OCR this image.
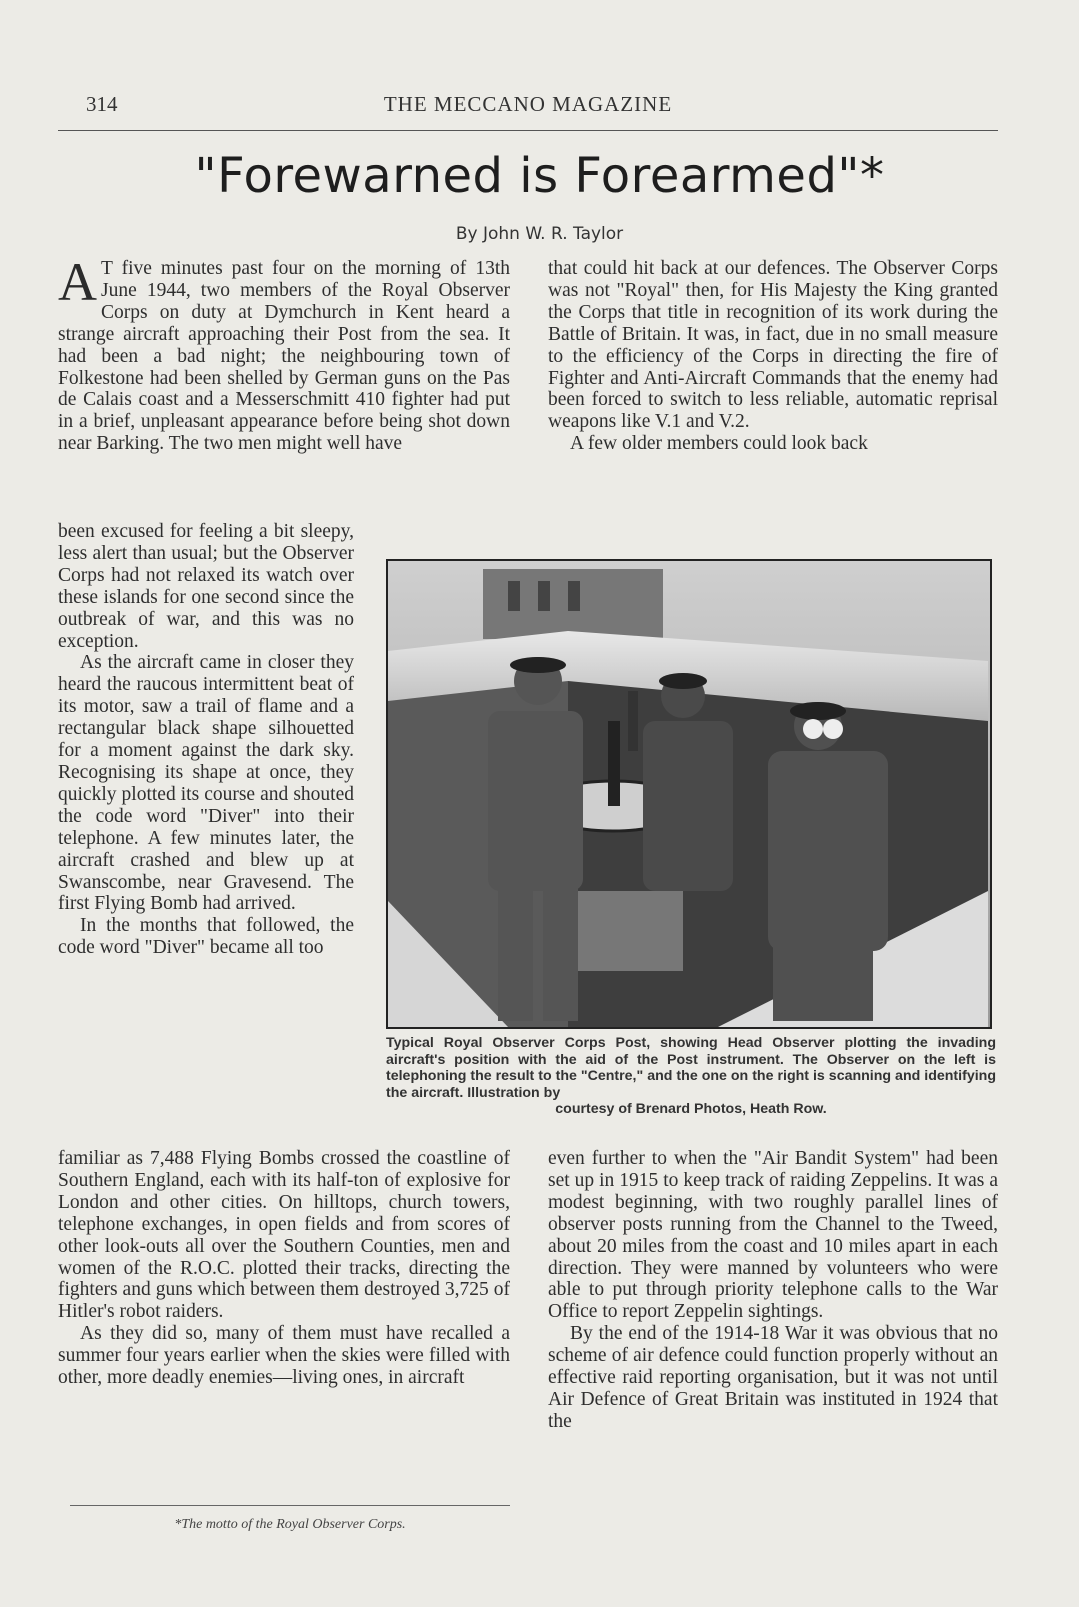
314	THE MECCANO MAGAZINE
"Forewarned is Forearmed"*
By John W. R. Taylor

A T five minutes past four on the morning of 13th June 1944, two members of the Royal Observer Corps on duty at Dymchurch in Kent heard a strange aircraft approaching their Post from the sea. It had been a bad night; the neighbouring town of Folkestone had been shelled by German guns on the Pas de Calais coast and a Messerschmitt 410 fighter had put in a brief, unpleasant appearance before being shot down near Barking. The two men might well have

been excused for feeling a bit sleepy, less alert than usual; but the Observer Corps had not relaxed its watch over these islands for one second since the outbreak of war, and this was no exception.

As the aircraft came in closer they heard the raucous intermittent beat of its motor, saw a trail of flame and a rectangular black shape silhouetted for a moment against the dark sky. Recognising its shape at once, they quickly plotted its course and shouted the code word "Diver" into their telephone. A few minutes later, the aircraft crashed and blew up at Swanscombe, near Gravesend. The first Flying Bomb had arrived.

In the months that followed, the code word "Diver" became all too

familiar as 7,488 Flying Bombs crossed the coastline of Southern England, each with its half-ton of explosive for London and other cities. On hilltops, church towers, telephone exchanges, in open fields and from scores of other look-outs all over the Southern Counties, men and women of the R.O.C. plotted their tracks, directing the fighters and guns which between them destroyed 3,725 of Hitler's robot raiders.

As they did so, many of them must have recalled a summer four years earlier when the skies were filled with other, more deadly enemies—living ones, in aircraft

that could hit back at our defences. The Observer Corps was not "Royal" then, for His Majesty the King granted the Corps that title in recognition of its work during the Battle of Britain. It was, in fact, due in no small measure to the efficiency of the Corps in directing the fire of Fighter and Anti-Aircraft Commands that the enemy had been forced to switch to less reliable, automatic reprisal weapons like V.1 and V.2.

A few older members could look back

Typical Royal Observer Corps Post, showing Head Observer plotting the invading aircraft's position with the aid of the Post instrument. The Observer on the left is telephoning the result to the "Centre," and the one on the right is scanning and identifying the aircraft. Illustration by
courtesy of Brenard Photos, Heath Row.

even further to when the "Air Bandit System" had been set up in 1915 to keep track of raiding Zeppelins. It was a modest beginning, with two roughly parallel lines of observer posts running from the Channel to the Tweed, about 20 miles from the coast and 10 miles apart in each direction. They were manned by volunteers who were able to put through priority telephone calls to the War Office to report Zeppelin sightings.

By the end of the 1914-18 War it was obvious that no scheme of air defence could function properly without an effective raid reporting organisation, but it was not until Air Defence of Great Britain was instituted in 1924 that the

*The motto of the Royal Observer Corps.
